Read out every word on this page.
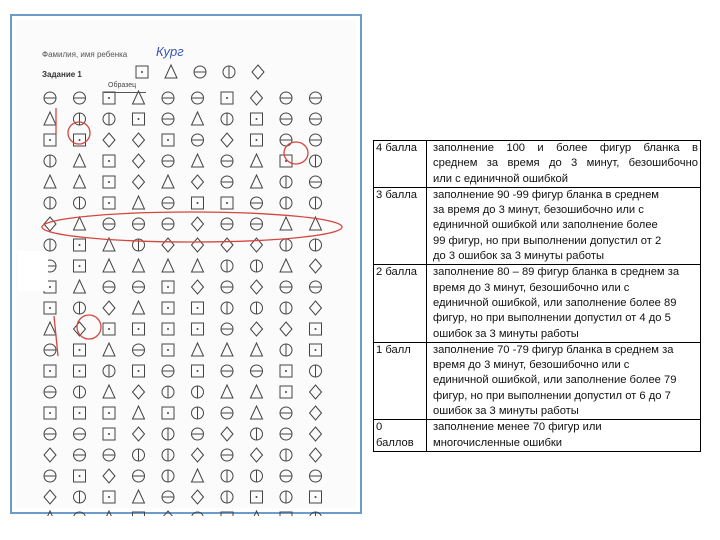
Фамилия, имя ребенка Кург
Задание 1
Образец
4 балла	заполнение 100 и более фигур бланка в
среднем за время до 3 минут, безошибочно
или с единичной ошибкой

3 балла	заполнение 90 -99 фигур бланка в среднем
за время до 3 минут, безошибочно или с
единичной ошибкой или заполнение более
99 фигур, но при выполнении допустил от 2
до 3 ошибок за 3 минуты работы

2 балла	заполнение 80 – 89 фигур бланка в среднем за
время до 3 минут, безошибочно или с
единичной ошибкой, или заполнение более 89
фигур, но при выполнении допустил от 4 до 5
ошибок за 3 минуты работы

1 балл	заполнение 70 -79 фигур бланка в среднем за
время до 3 минут, безошибочно или с
единичной ошибкой, или заполнение более 79
фигур, но при выполнении допустил от 6 до 7
ошибок за 3 минуты работы

0
баллов	заполнение менее 70 фигур или
многочисленные ошибки
